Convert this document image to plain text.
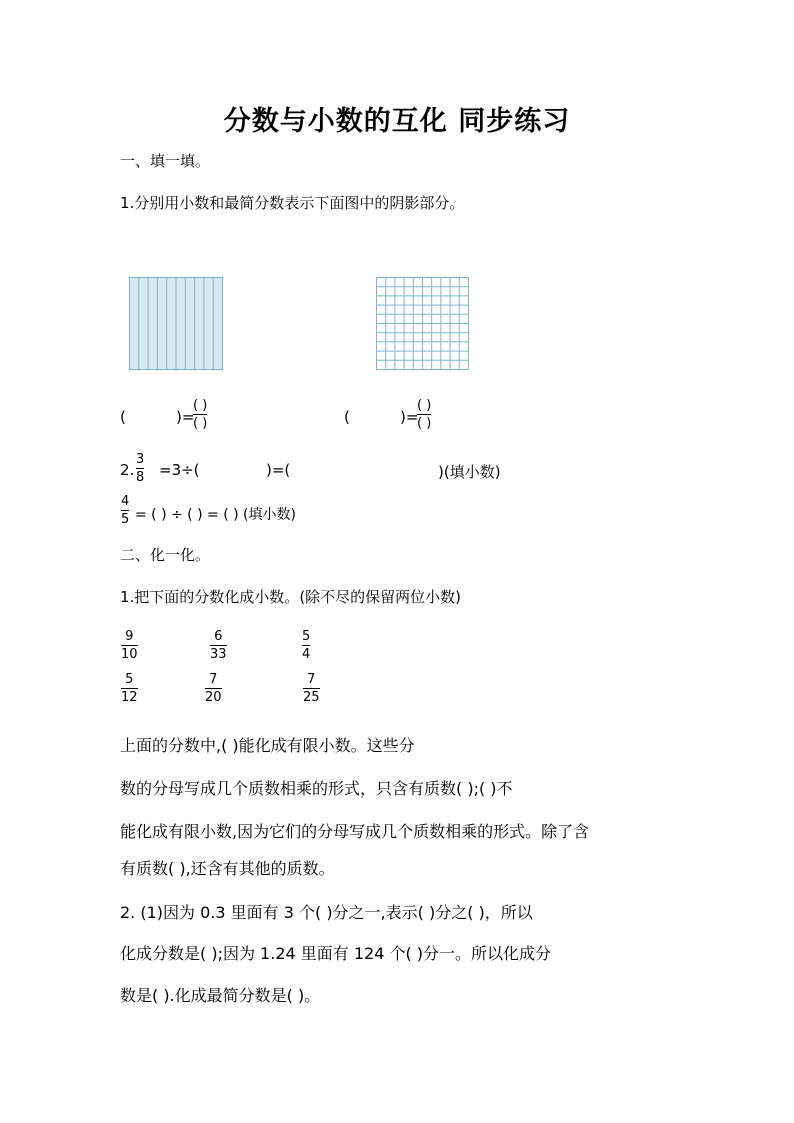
分数与小数的互化 同步练习
一、填一填。
1.分别用小数和最简分数表示下面图中的阴影部分。
(	)=
( )
( )	(	)=
( )
( )
2.
3
8 =3÷(	)=(	)(填小数)
4
5 = ( ) ÷ ( ) = ( ) (填小数)
二、化一化。
1.把下面的分数化成小数。(除不尽的保留两位小数)
9
10
6
33
5
4
5
12
7
20
7
25
上面的分数中,( )能化成有限小数。这些分
数的分母写成几个质数相乘的形式，只含有质数( );( )不
能化成有限小数,因为它们的分母写成几个质数相乘的形式。除了含
有质数( ),还含有其他的质数。
2. (1)因为 0.3 里面有 3 个( )分之一,表示( )分之( )，所以
化成分数是( );因为 1.24 里面有 124 个( )分一。所以化成分
数是( ).化成最简分数是( )。
